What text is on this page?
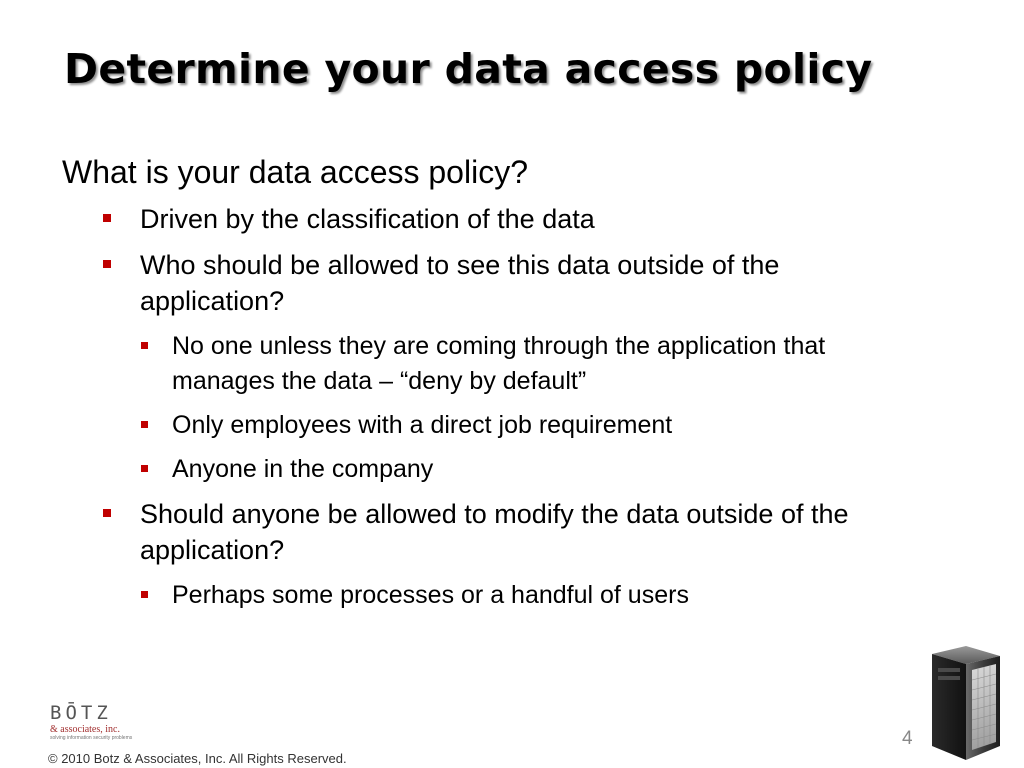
Determine your data access policy
What is your data access policy?
Driven by the classification of the data
Who should be allowed to see this data outside of the
application?
No one unless they are coming through the application that
manages the data – “deny by default”
Only employees with a direct job requirement
Anyone in the company
Should anyone be allowed to modify the data outside of the
application?
Perhaps some processes or a handful of users
BŌTZ
& associates, inc.
solving information security problems
© 2010 Botz & Associates, Inc. All Rights Reserved.
4
